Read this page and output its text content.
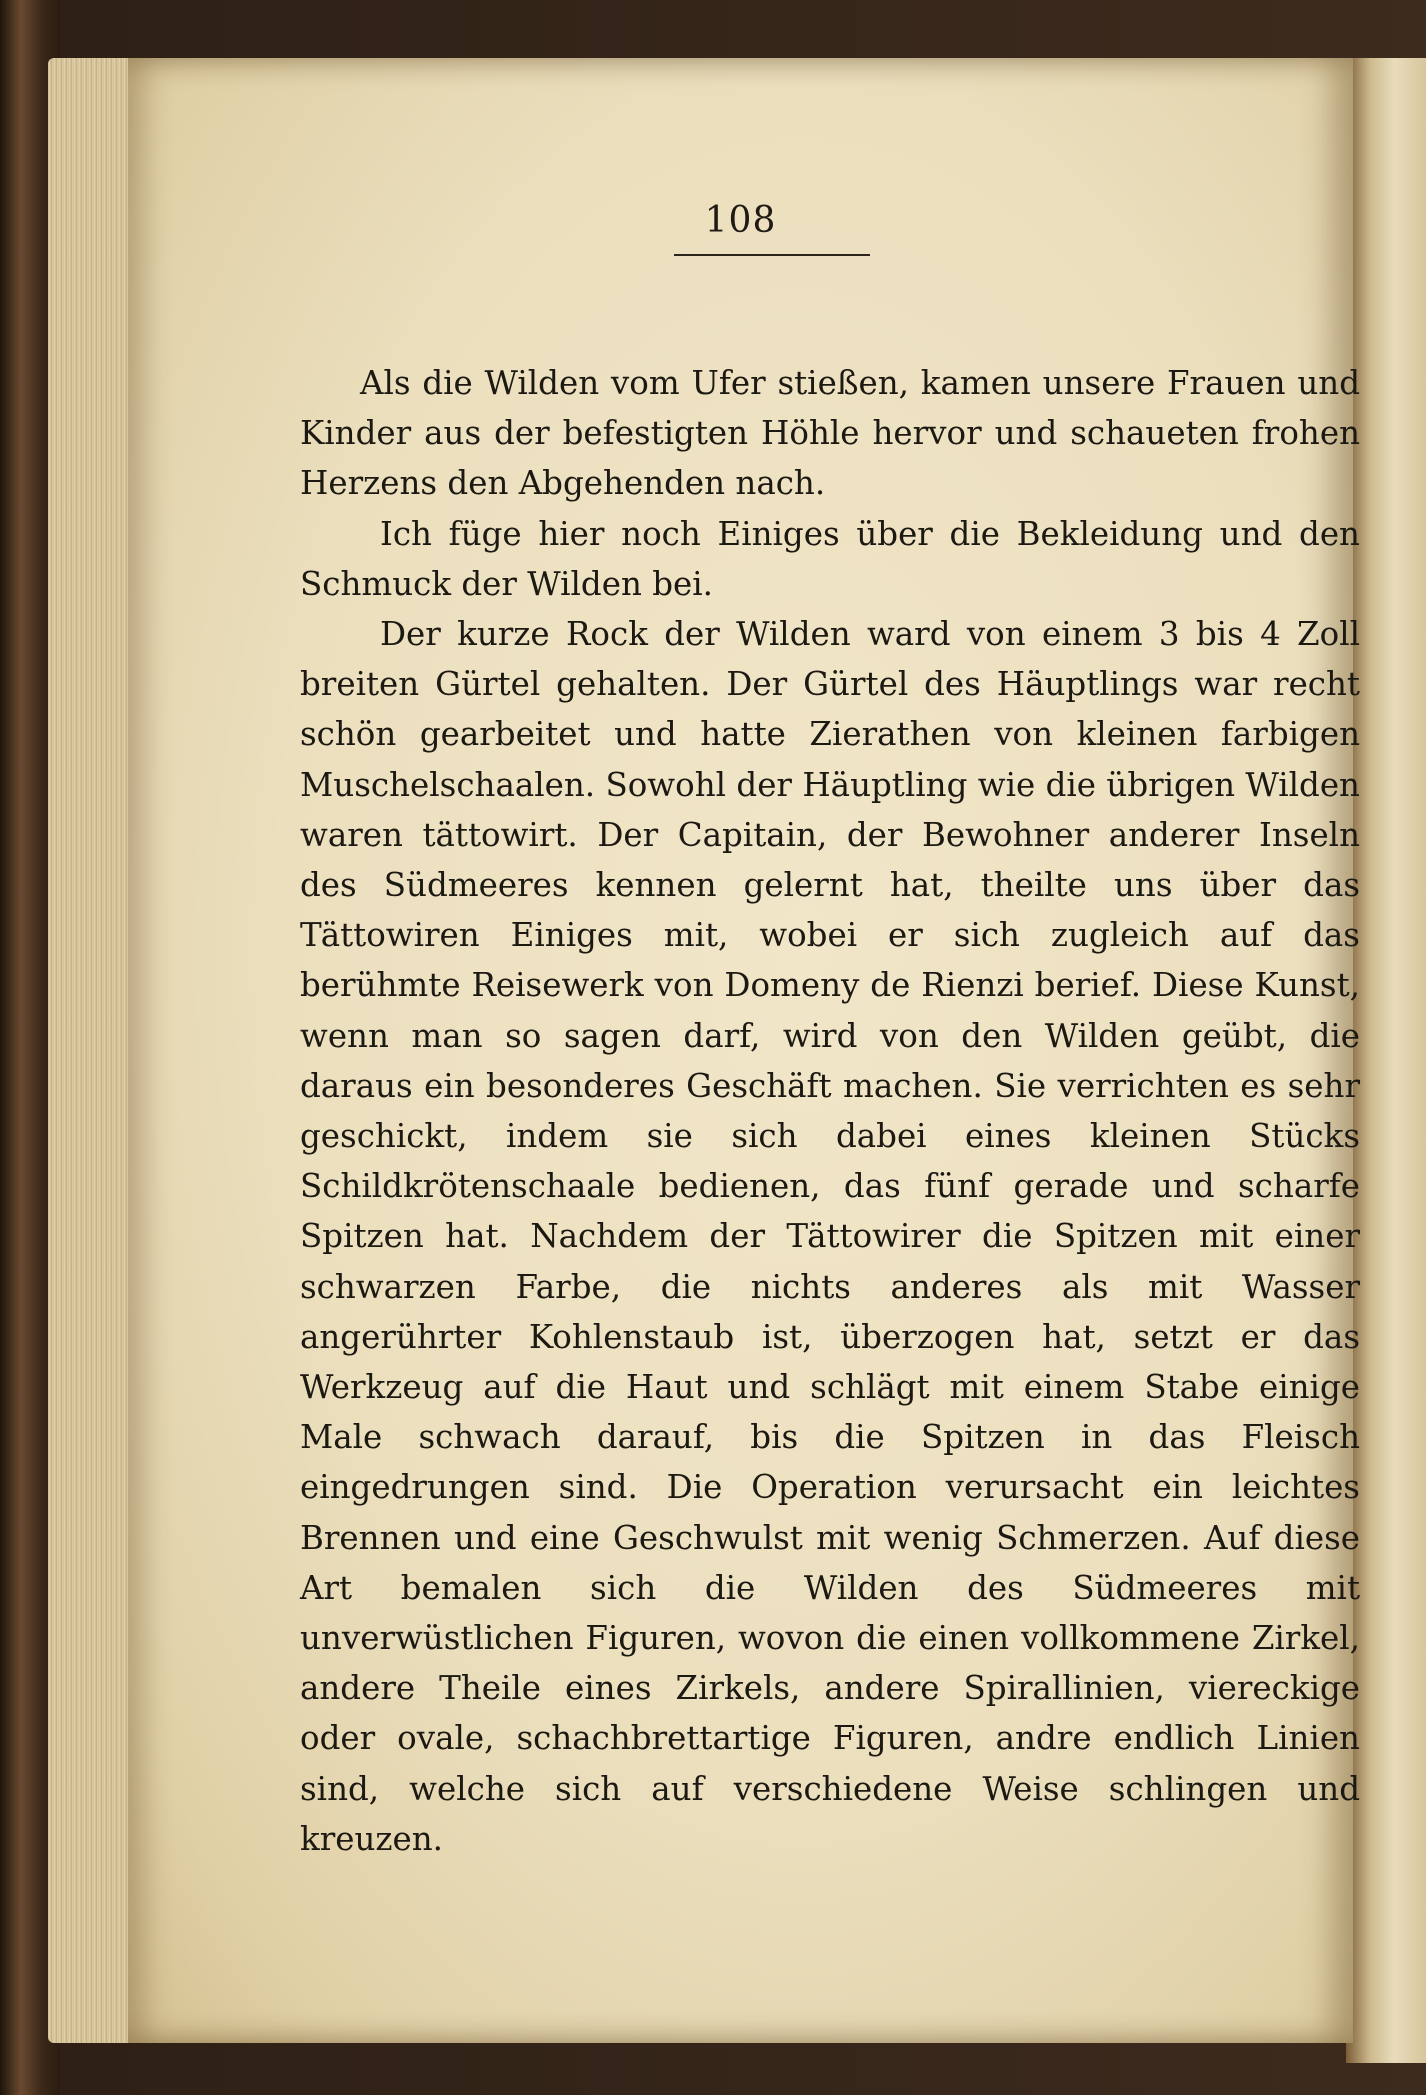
108

Als die Wilden vom Ufer stießen, kamen unsere Frauen und Kinder aus der befestigten Höhle hervor und schaueten frohen Herzens den Abgehenden nach.

Ich füge hier noch Einiges über die Bekleidung und den Schmuck der Wilden bei.

Der kurze Rock der Wilden ward von einem 3 bis 4 Zoll breiten Gürtel gehalten. Der Gürtel des Häuptlings war recht schön gearbeitet und hatte Zierathen von kleinen farbigen Muschelschaalen. Sowohl der Häuptling wie die übrigen Wilden waren tättowirt. Der Capitain, der Bewohner anderer Inseln des Südmeeres kennen gelernt hat, theilte uns über das Tättowiren Einiges mit, wobei er sich zugleich auf das berühmte Reisewerk von Domeny de Rienzi berief. Diese Kunst, wenn man so sagen darf, wird von den Wilden geübt, die daraus ein besonderes Geschäft machen. Sie verrichten es sehr geschickt, indem sie sich dabei eines kleinen Stücks Schildkrötenschaale bedienen, das fünf gerade und scharfe Spitzen hat. Nachdem der Tättowirer die Spitzen mit einer schwarzen Farbe, die nichts anderes als mit Wasser angerührter Kohlenstaub ist, überzogen hat, setzt er das Werkzeug auf die Haut und schlägt mit einem Stabe einige Male schwach darauf, bis die Spitzen in das Fleisch eingedrungen sind. Die Operation verursacht ein leichtes Brennen und eine Geschwulst mit wenig Schmerzen. Auf diese Art bemalen sich die Wilden des Südmeeres mit unverwüstlichen Figuren, wovon die einen vollkommene Zirkel, andere Theile eines Zirkels, andere Spirallinien, viereckige oder ovale, schachbrettartige Figuren, andre endlich Linien sind, welche sich auf verschiedene Weise schlingen und kreuzen.
